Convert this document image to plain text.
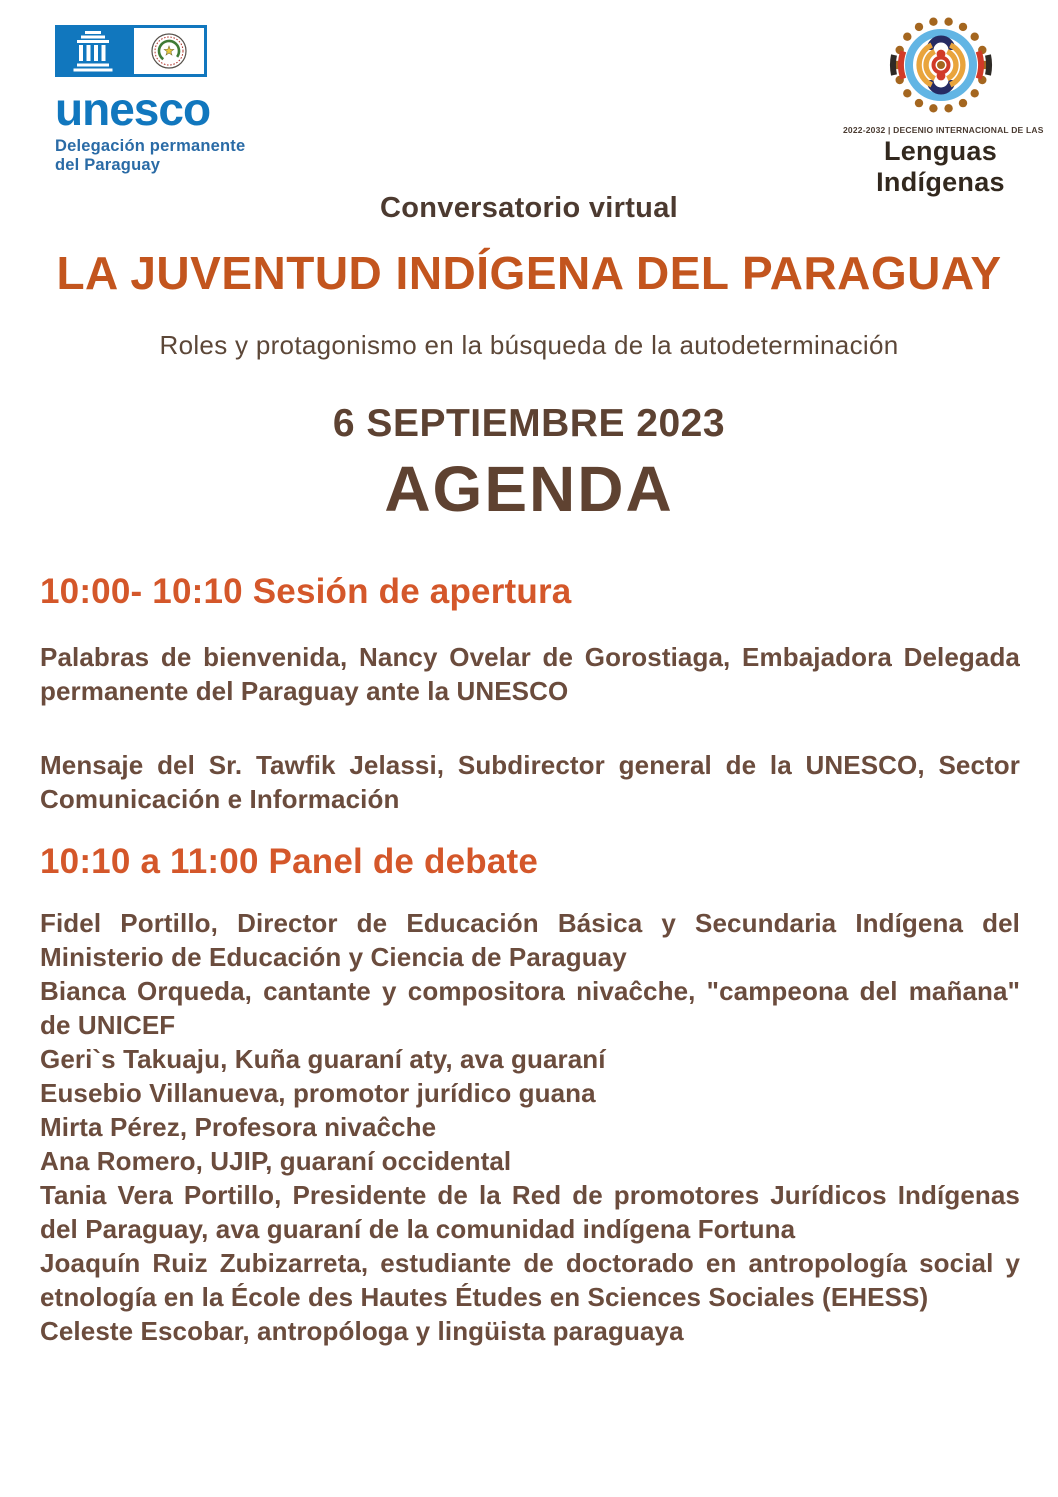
unesco
Delegación permanente
del Paraguay
2022-2032 | DECENIO INTERNACIONAL DE LAS
Lenguas Indígenas
Conversatorio virtual
LA JUVENTUD INDÍGENA DEL PARAGUAY
Roles y protagonismo en la búsqueda de la autodeterminación
6 SEPTIEMBRE 2023
AGENDA
10:00- 10:10 Sesión de apertura

Palabras de bienvenida, Nancy Ovelar de Gorostiaga, Embajadora Delegada permanente del Paraguay ante la UNESCO

Mensaje del Sr. Tawfik Jelassi, Subdirector general de la UNESCO, Sector Comunicación e Información

10:10 a 11:00 Panel de debate

Fidel Portillo, Director de Educación Básica y Secundaria Indígena del Ministerio de Educación y Ciencia de Paraguay

Bianca Orqueda, cantante y compositora nivaĉche, "campeona del mañana" de UNICEF

Geri`s Takuaju, Kuña guaraní aty, ava guaraní

Eusebio Villanueva, promotor jurídico guana

Mirta Pérez, Profesora nivaĉche

Ana Romero, UJIP, guaraní occidental

Tania Vera Portillo, Presidente de la Red de promotores Jurídicos Indígenas del Paraguay, ava guaraní de la comunidad indígena Fortuna

Joaquín Ruiz Zubizarreta, estudiante de doctorado en antropología social y etnología en la École des Hautes Études en Sciences Sociales (EHESS)

Celeste Escobar, antropóloga y lingüista paraguaya
